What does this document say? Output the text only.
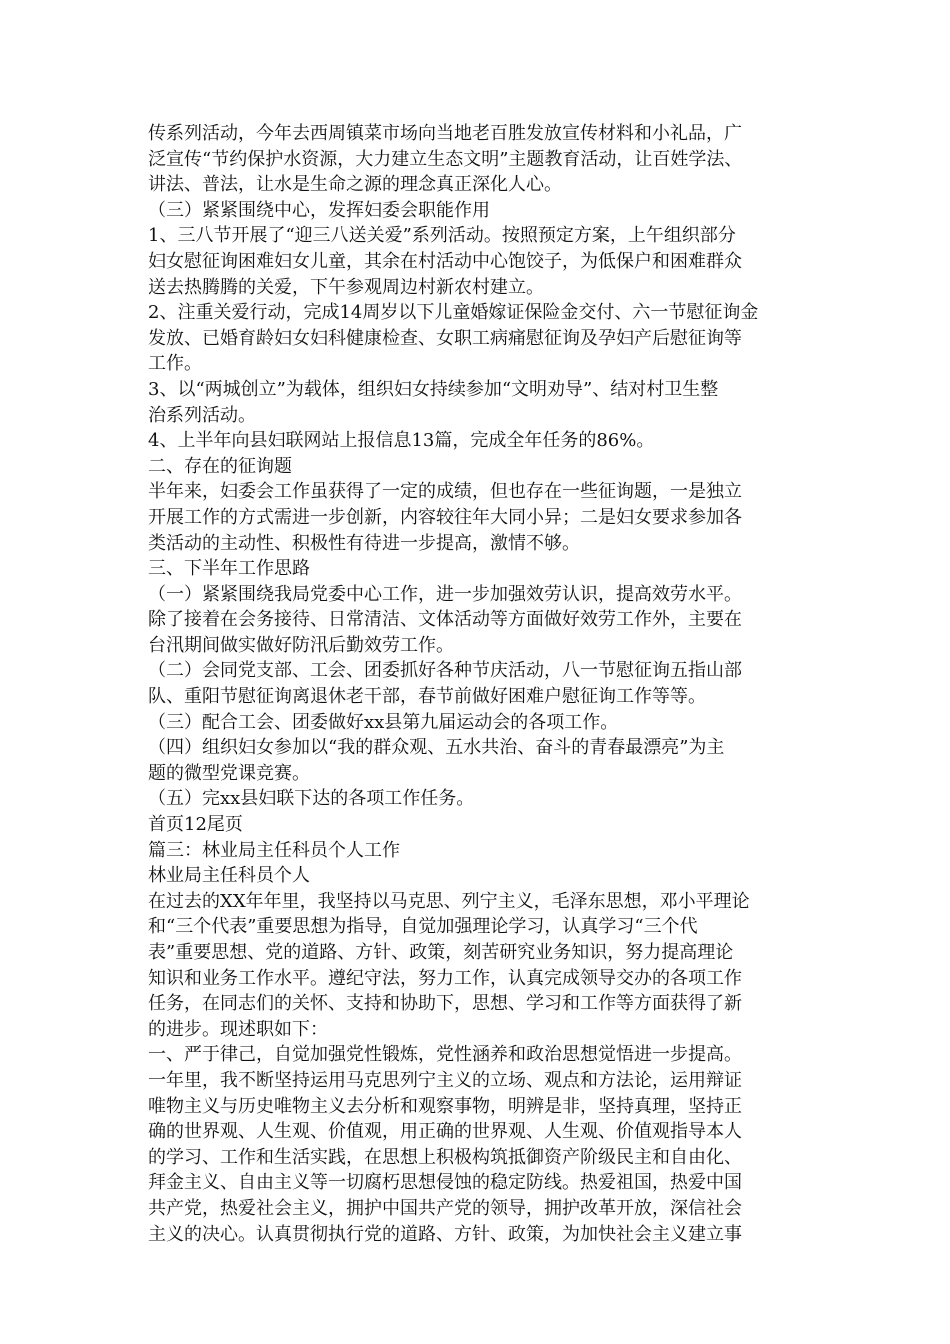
传系列活动，今年去西周镇菜市场向当地老百胜发放宣传材料和小礼品，广

泛宣传“节约保护水资源，大力建立生态文明”主题教育活动，让百姓学法、

讲法、普法，让水是生命之源的理念真正深化人心。

（三）紧紧围绕中心，发挥妇委会职能作用

1、三八节开展了“迎三八送关爱”系列活动。按照预定方案，上午组织部分

妇女慰征询困难妇女儿童，其余在村活动中心饱饺子，为低保户和困难群众

送去热腾腾的关爱，下午参观周边村新农村建立。

2、注重关爱行动，完成14周岁以下儿童婚嫁证保险金交付、六一节慰征询金

发放、已婚育龄妇女妇科健康检查、女职工病痛慰征询及孕妇产后慰征询等

工作。

3、以“两城创立”为载体，组织妇女持续参加“文明劝导”、结对村卫生整

治系列活动。

4、上半年向县妇联网站上报信息13篇，完成全年任务的86%。

二、存在的征询题

半年来，妇委会工作虽获得了一定的成绩，但也存在一些征询题，一是独立

开展工作的方式需进一步创新，内容较往年大同小异；二是妇女要求参加各

类活动的主动性、积极性有待进一步提高，激情不够。

三、下半年工作思路

（一）紧紧围绕我局党委中心工作，进一步加强效劳认识，提高效劳水平。

除了接着在会务接待、日常清洁、文体活动等方面做好效劳工作外，主要在

台汛期间做实做好防汛后勤效劳工作。

（二）会同党支部、工会、团委抓好各种节庆活动，八一节慰征询五指山部

队、重阳节慰征询离退休老干部，春节前做好困难户慰征询工作等等。

（三）配合工会、团委做好xx县第九届运动会的各项工作。

（四）组织妇女参加以“我的群众观、五水共治、奋斗的青春最漂亮”为主

题的微型党课竞赛。

（五）完xx县妇联下达的各项工作任务。

首页12尾页

篇三：林业局主任科员个人工作

林业局主任科员个人

在过去的XX年年里，我坚持以马克思、列宁主义，毛泽东思想，邓小平理论

和“三个代表”重要思想为指导，自觉加强理论学习，认真学习“三个代

表”重要思想、党的道路、方针、政策，刻苦研究业务知识，努力提高理论

知识和业务工作水平。遵纪守法，努力工作，认真完成领导交办的各项工作

任务，在同志们的关怀、支持和协助下，思想、学习和工作等方面获得了新

的进步。现述职如下：

一、严于律己，自觉加强党性锻炼，党性涵养和政治思想觉悟进一步提高。

一年里，我不断坚持运用马克思列宁主义的立场、观点和方法论，运用辩证

唯物主义与历史唯物主义去分析和观察事物，明辨是非，坚持真理，坚持正

确的世界观、人生观、价值观，用正确的世界观、人生观、价值观指导本人

的学习、工作和生活实践，在思想上积极构筑抵御资产阶级民主和自由化、

拜金主义、自由主义等一切腐朽思想侵蚀的稳定防线。热爱祖国，热爱中国

共产党，热爱社会主义，拥护中国共产党的领导，拥护改革开放，深信社会

主义的决心。认真贯彻执行党的道路、方针、政策，为加快社会主义建立事
